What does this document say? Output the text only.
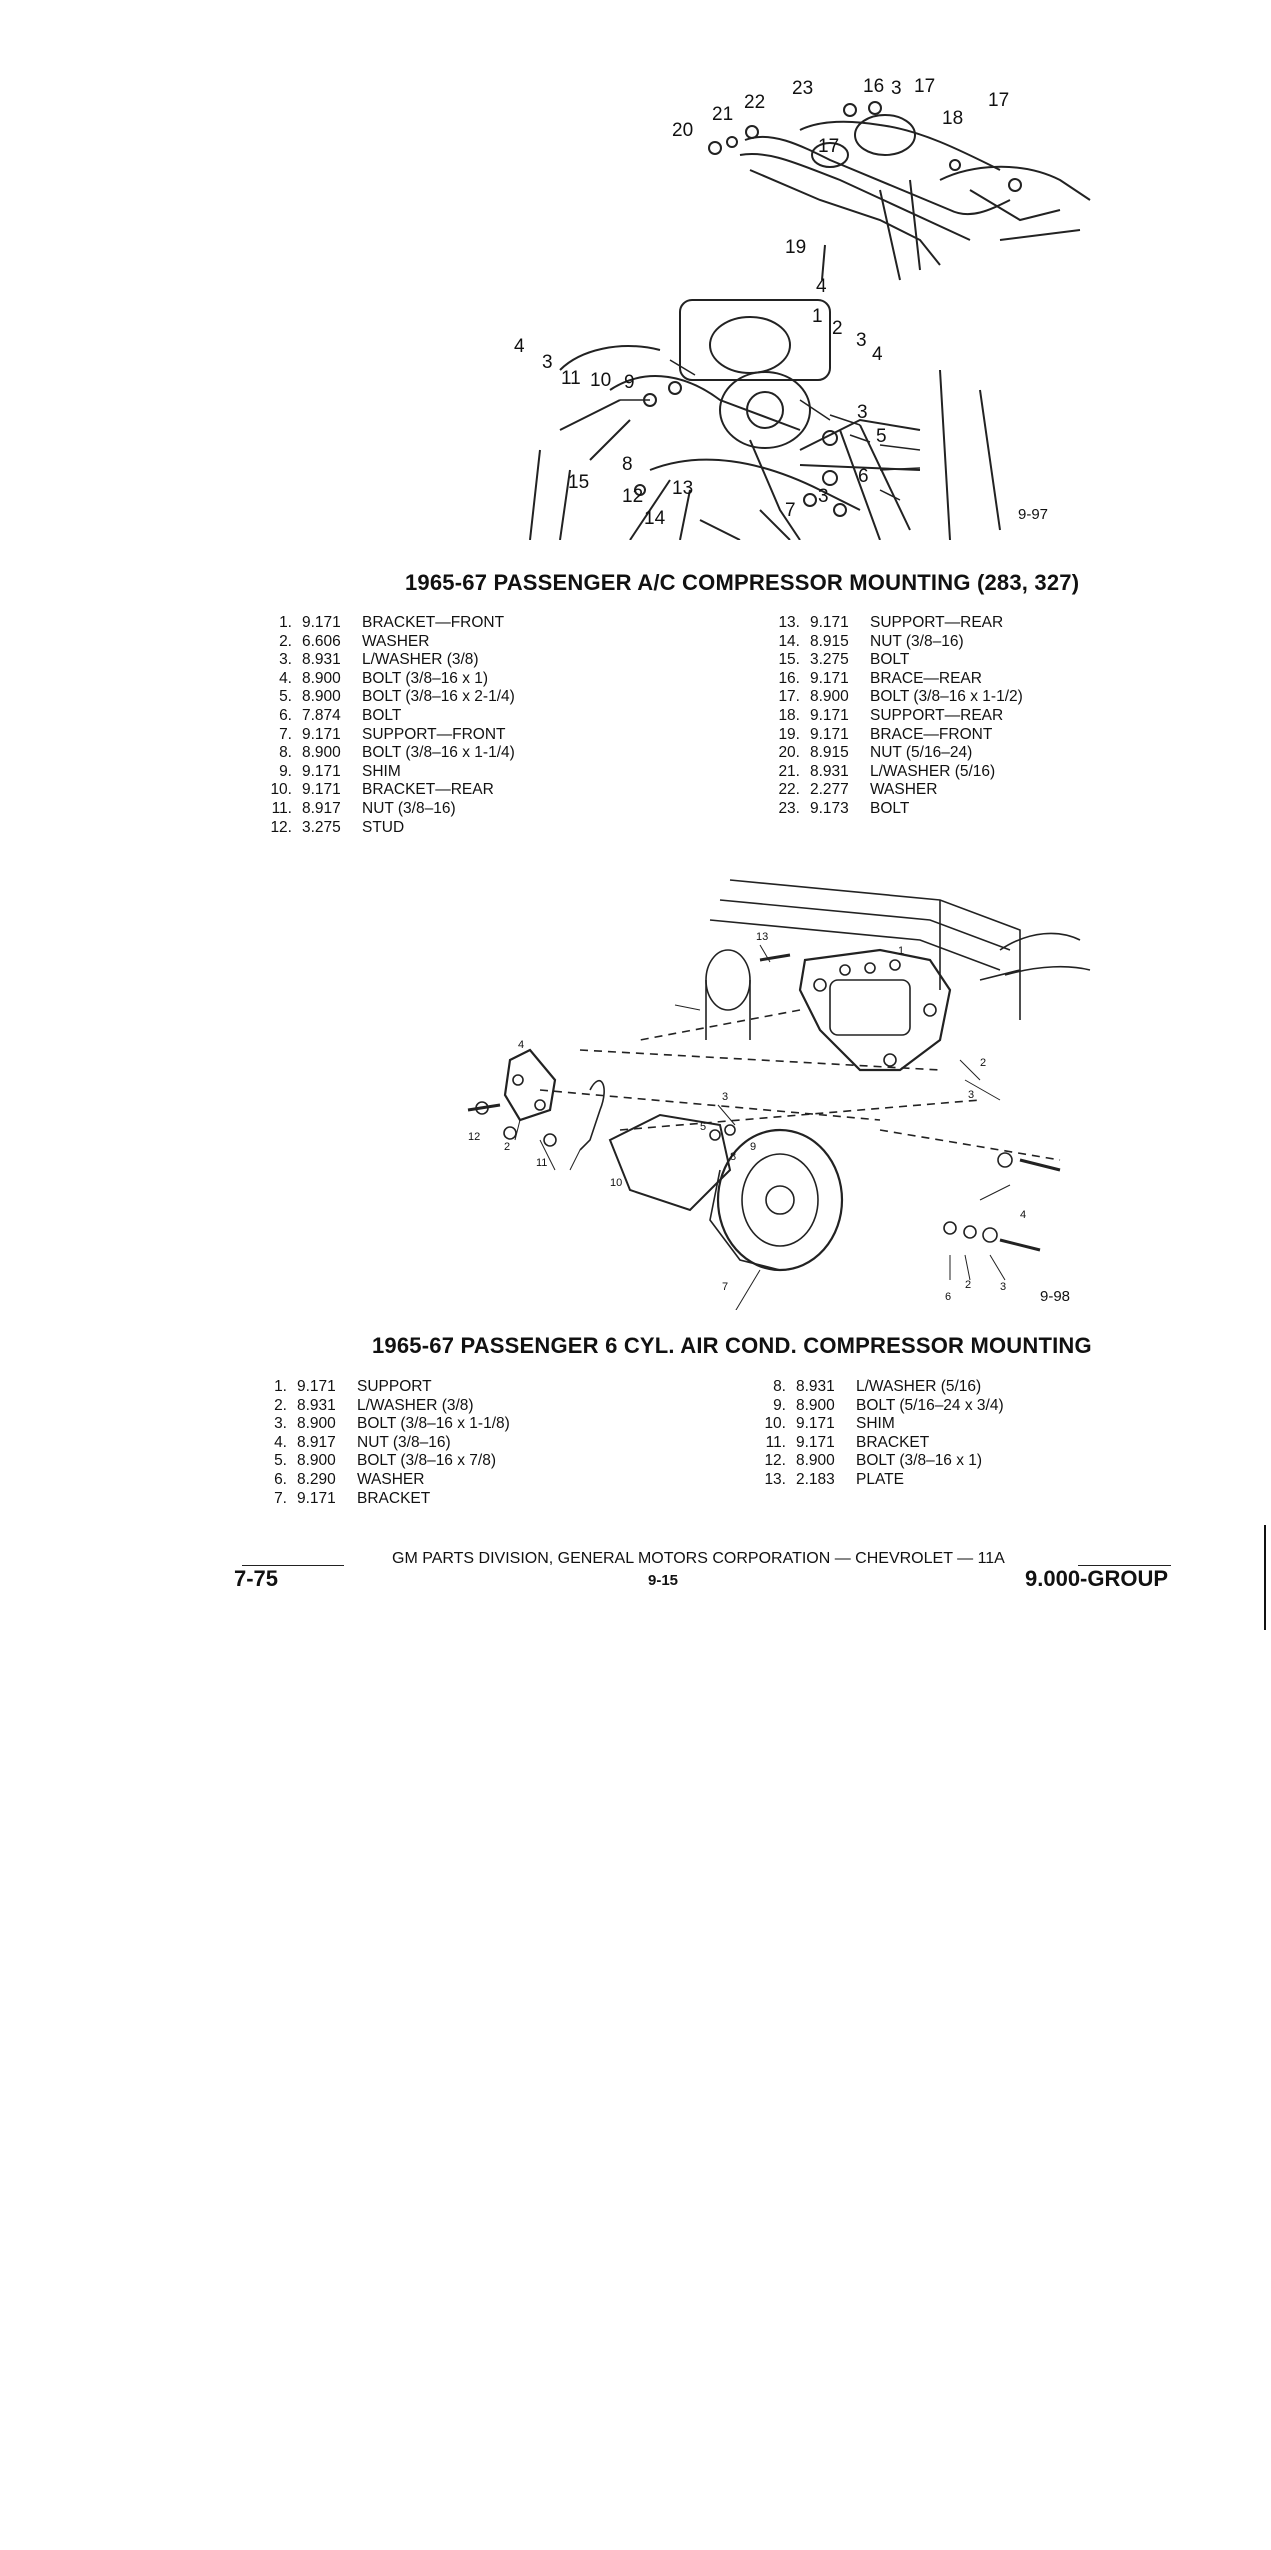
20
21
22
23	16 3 17
18
17
17
19
4
1
2
3
4
4
3
11 10 9
3
5
6
8
15	13
12
14	7
3
9-97
1965-67 PASSENGER A/C COMPRESSOR MOUNTING (283, 327)
1. 9.171	BRACKET—FRONT
2. 6.606	WASHER
3. 8.931	L/WASHER (3/8)
4. 8.900	BOLT (3/8–16 x 1)
5. 8.900	BOLT (3/8–16 x 2-1/4)
6. 7.874	BOLT
7. 9.171	SUPPORT—FRONT
8. 8.900	BOLT (3/8–16 x 1-1/4)
9. 9.171	SHIM
10. 9.171	BRACKET—REAR
11. 8.917	NUT (3/8–16)
12. 3.275	STUD
13. 9.171	SUPPORT—REAR
14. 8.915	NUT (3/8–16)
15. 3.275	BOLT
16. 9.171	BRACE—REAR
17. 8.900	BOLT (3/8–16 x 1-1/2)
18. 9.171	SUPPORT—REAR
19. 9.171	BRACE—FRONT
20. 8.915	NUT (5/16–24)
21. 8.931	L/WASHER (5/16)
22. 2.277	WASHER
23. 9.173	BOLT
13
1
12
4
2
11
10
3
5
8
9
2
3
4
7
6
2	3
9-98
1965-67 PASSENGER 6 CYL. AIR COND. COMPRESSOR MOUNTING
1. 9.171	SUPPORT
2. 8.931	L/WASHER (3/8)
3. 8.900	BOLT (3/8–16 x 1-1/8)
4. 8.917	NUT (3/8–16)
5. 8.900	BOLT (3/8–16 x 7/8)
6. 8.290	WASHER
7. 9.171	BRACKET
8. 8.931	L/WASHER (5/16)
9. 8.900	BOLT (5/16–24 x 3/4)
10. 9.171	SHIM
11. 9.171	BRACKET
12. 8.900	BOLT (3/8–16 x 1)
13. 2.183	PLATE
GM PARTS DIVISION, GENERAL MOTORS CORPORATION — CHEVROLET — 11A
7-75	9-15	9.000-GROUP
